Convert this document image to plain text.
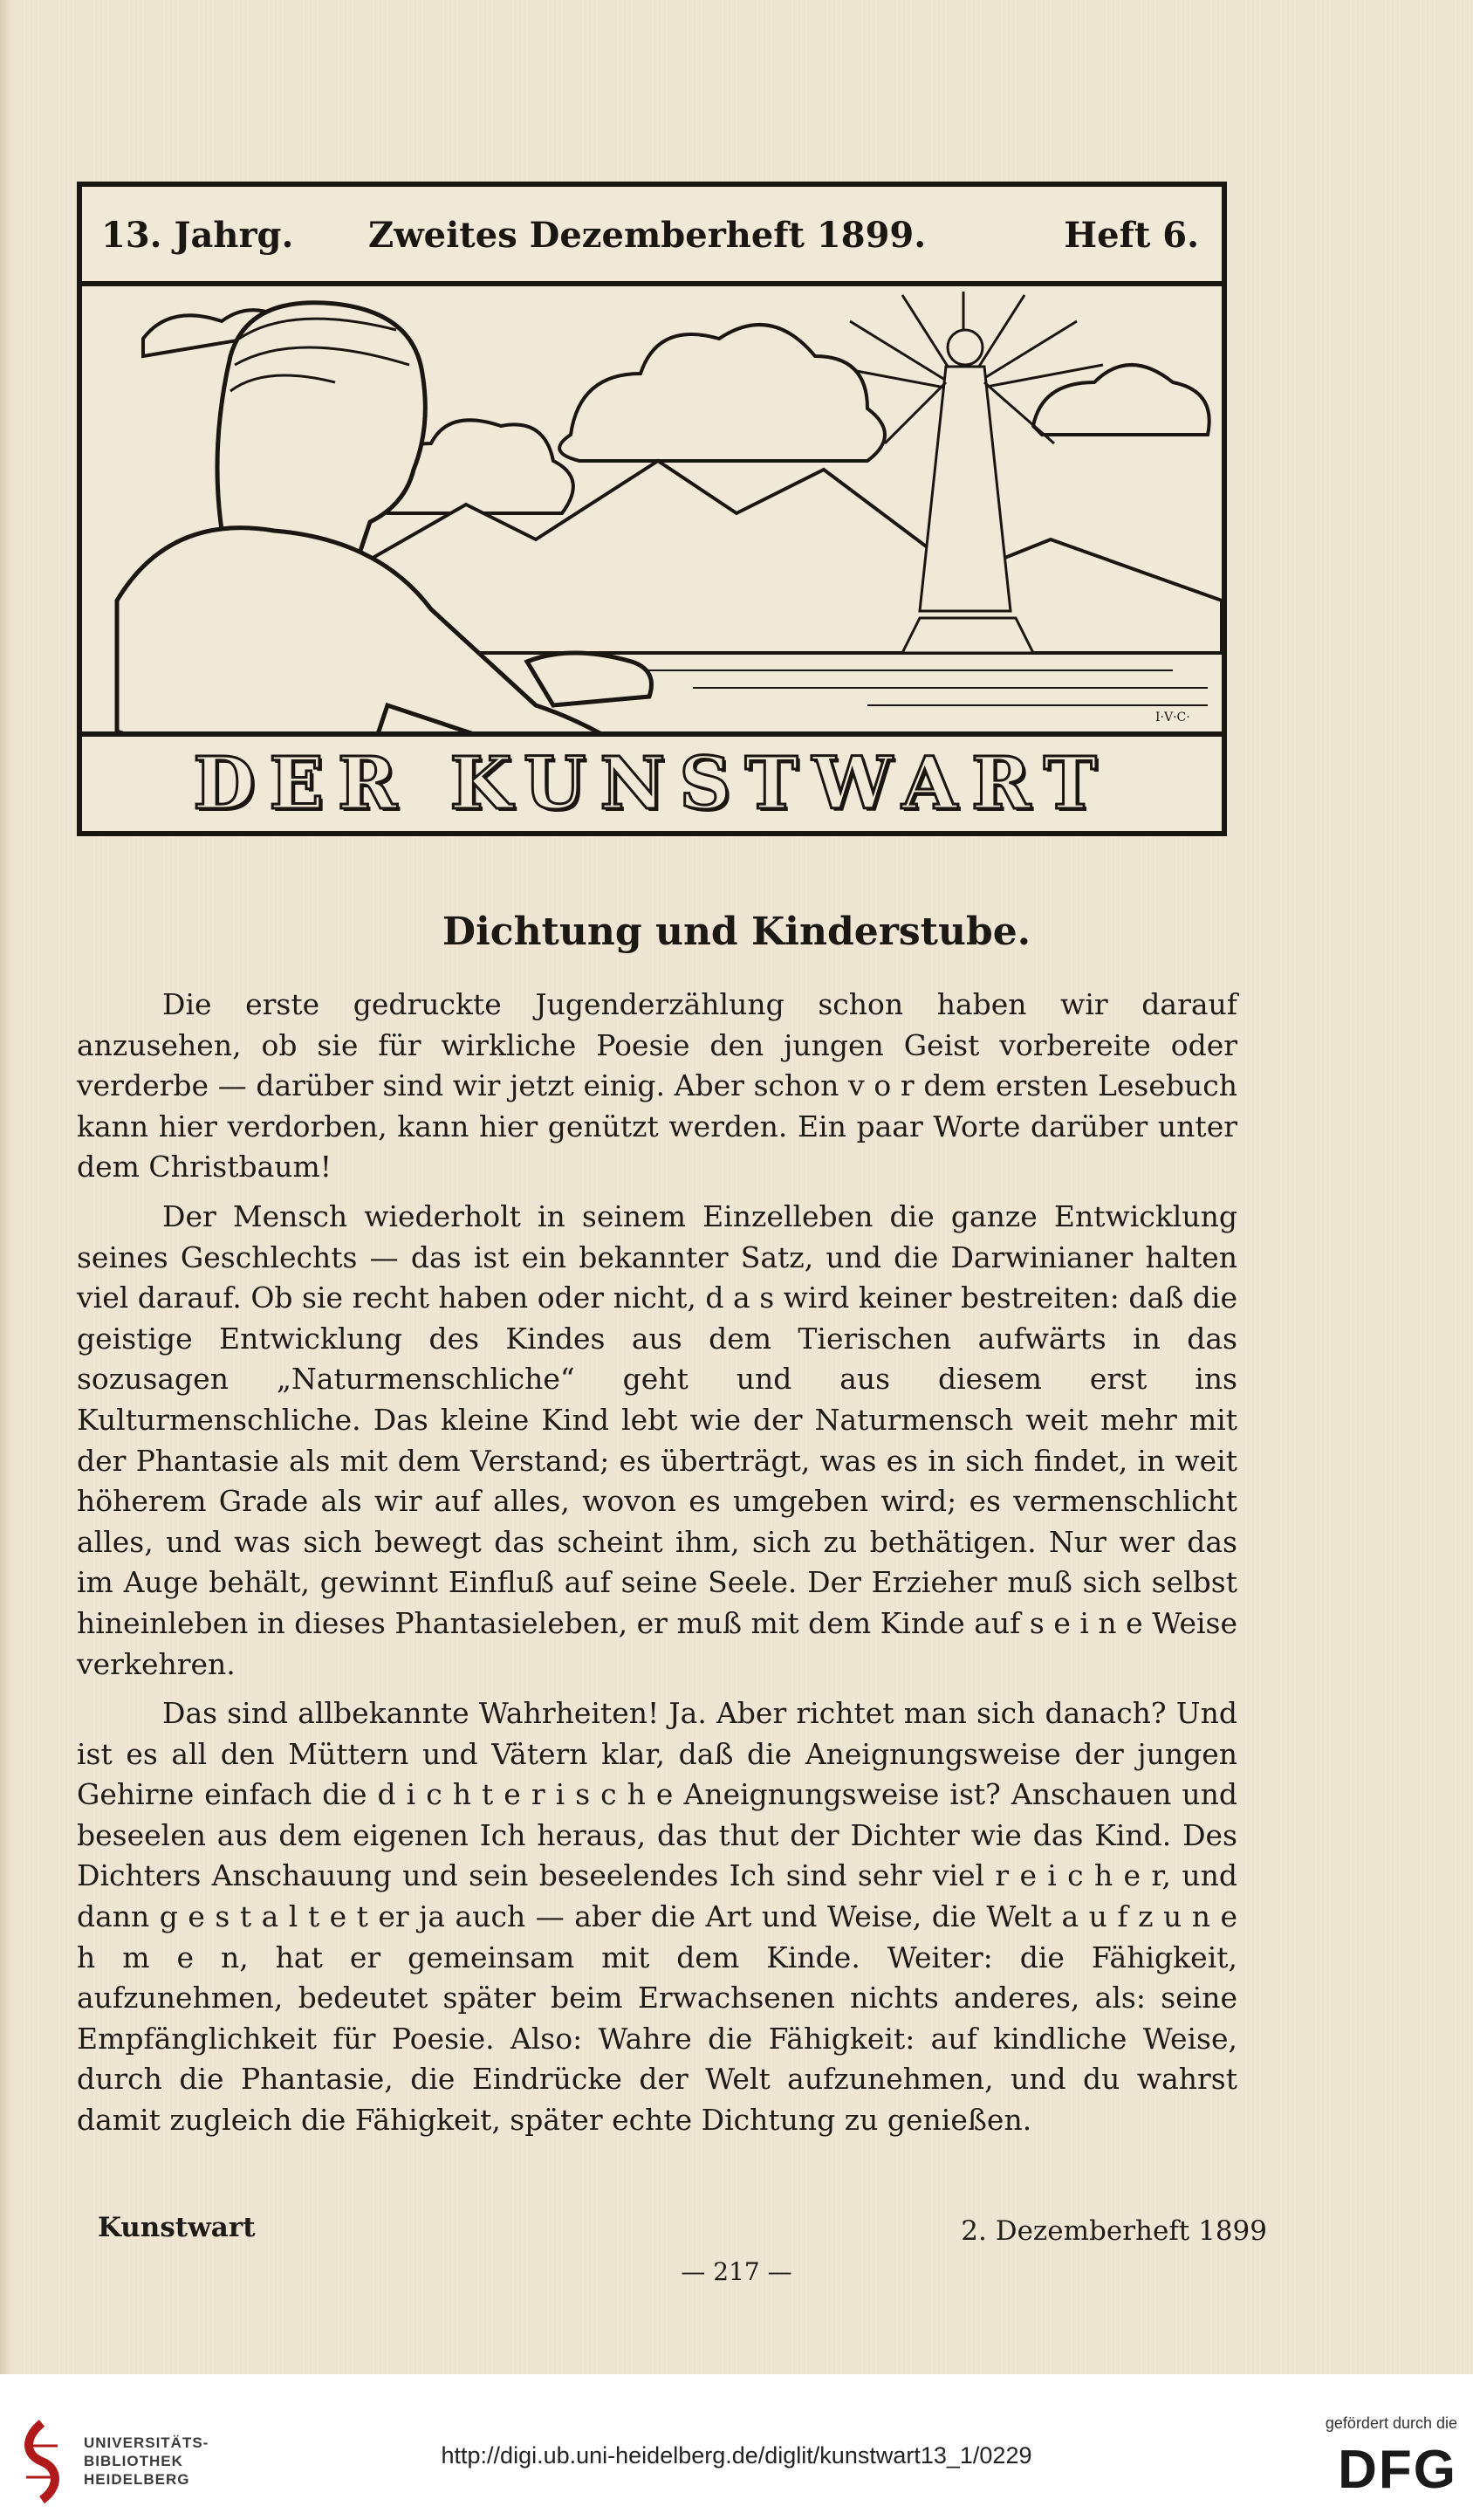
13. Jahrg. Zweites Dezemberheft 1899.	Heft 6.
I·V·C·
DER KUNSTWART
Dichtung und Kinderstube.

Die erste gedruckte Jugenderzählung schon haben wir darauf anzusehen, ob sie für wirkliche Poesie den jungen Geist vorbereite oder verderbe — darüber sind wir jetzt einig. Aber schon v o r dem ersten Lesebuch kann hier verdorben, kann hier genützt werden. Ein paar Worte darüber unter dem Christbaum!

Der Mensch wiederholt in seinem Einzelleben die ganze Entwicklung seines Geschlechts — das ist ein bekannter Satz, und die Darwinianer halten viel darauf. Ob sie recht haben oder nicht, d a s wird keiner bestreiten: daß die geistige Entwicklung des Kindes aus dem Tierischen aufwärts in das sozusagen „Naturmenschliche“ geht und aus diesem erst ins Kulturmenschliche. Das kleine Kind lebt wie der Naturmensch weit mehr mit der Phantasie als mit dem Verstand; es überträgt, was es in sich findet, in weit höherem Grade als wir auf alles, wovon es umgeben wird; es vermenschlicht alles, und was sich bewegt das scheint ihm, sich zu bethätigen. Nur wer das im Auge behält, gewinnt Einfluß auf seine Seele. Der Erzieher muß sich selbst hineinleben in dieses Phantasieleben, er muß mit dem Kinde auf s e i n e Weise verkehren.

Das sind allbekannte Wahrheiten! Ja. Aber richtet man sich danach? Und ist es all den Müttern und Vätern klar, daß die Aneignungsweise der jungen Gehirne einfach die d i c h t e r i s c h e Aneignungsweise ist? Anschauen und beseelen aus dem eigenen Ich heraus, das thut der Dichter wie das Kind. Des Dichters Anschauung und sein beseelendes Ich sind sehr viel r e i c h e r, und dann g e s t a l t e t er ja auch — aber die Art und Weise, die Welt a u f z u n e h m e n, hat er gemeinsam mit dem Kinde. Weiter: die Fähigkeit, aufzunehmen, bedeutet später beim Erwachsenen nichts anderes, als: seine Empfänglichkeit für Poesie. Also: Wahre die Fähigkeit: auf kindliche Weise, durch die Phantasie, die Eindrücke der Welt aufzunehmen, und du wahrst damit zugleich die Fähigkeit, später echte Dichtung zu genießen.

Kunstwart	2. Dezemberheft 1899
— 217 —
UNIVERSITÄTS-
BIBLIOTHEK
HEIDELBERG
http://digi.ub.uni-heidelberg.de/diglit/kunstwart13_1/0229
gefördert durch die
DFG
